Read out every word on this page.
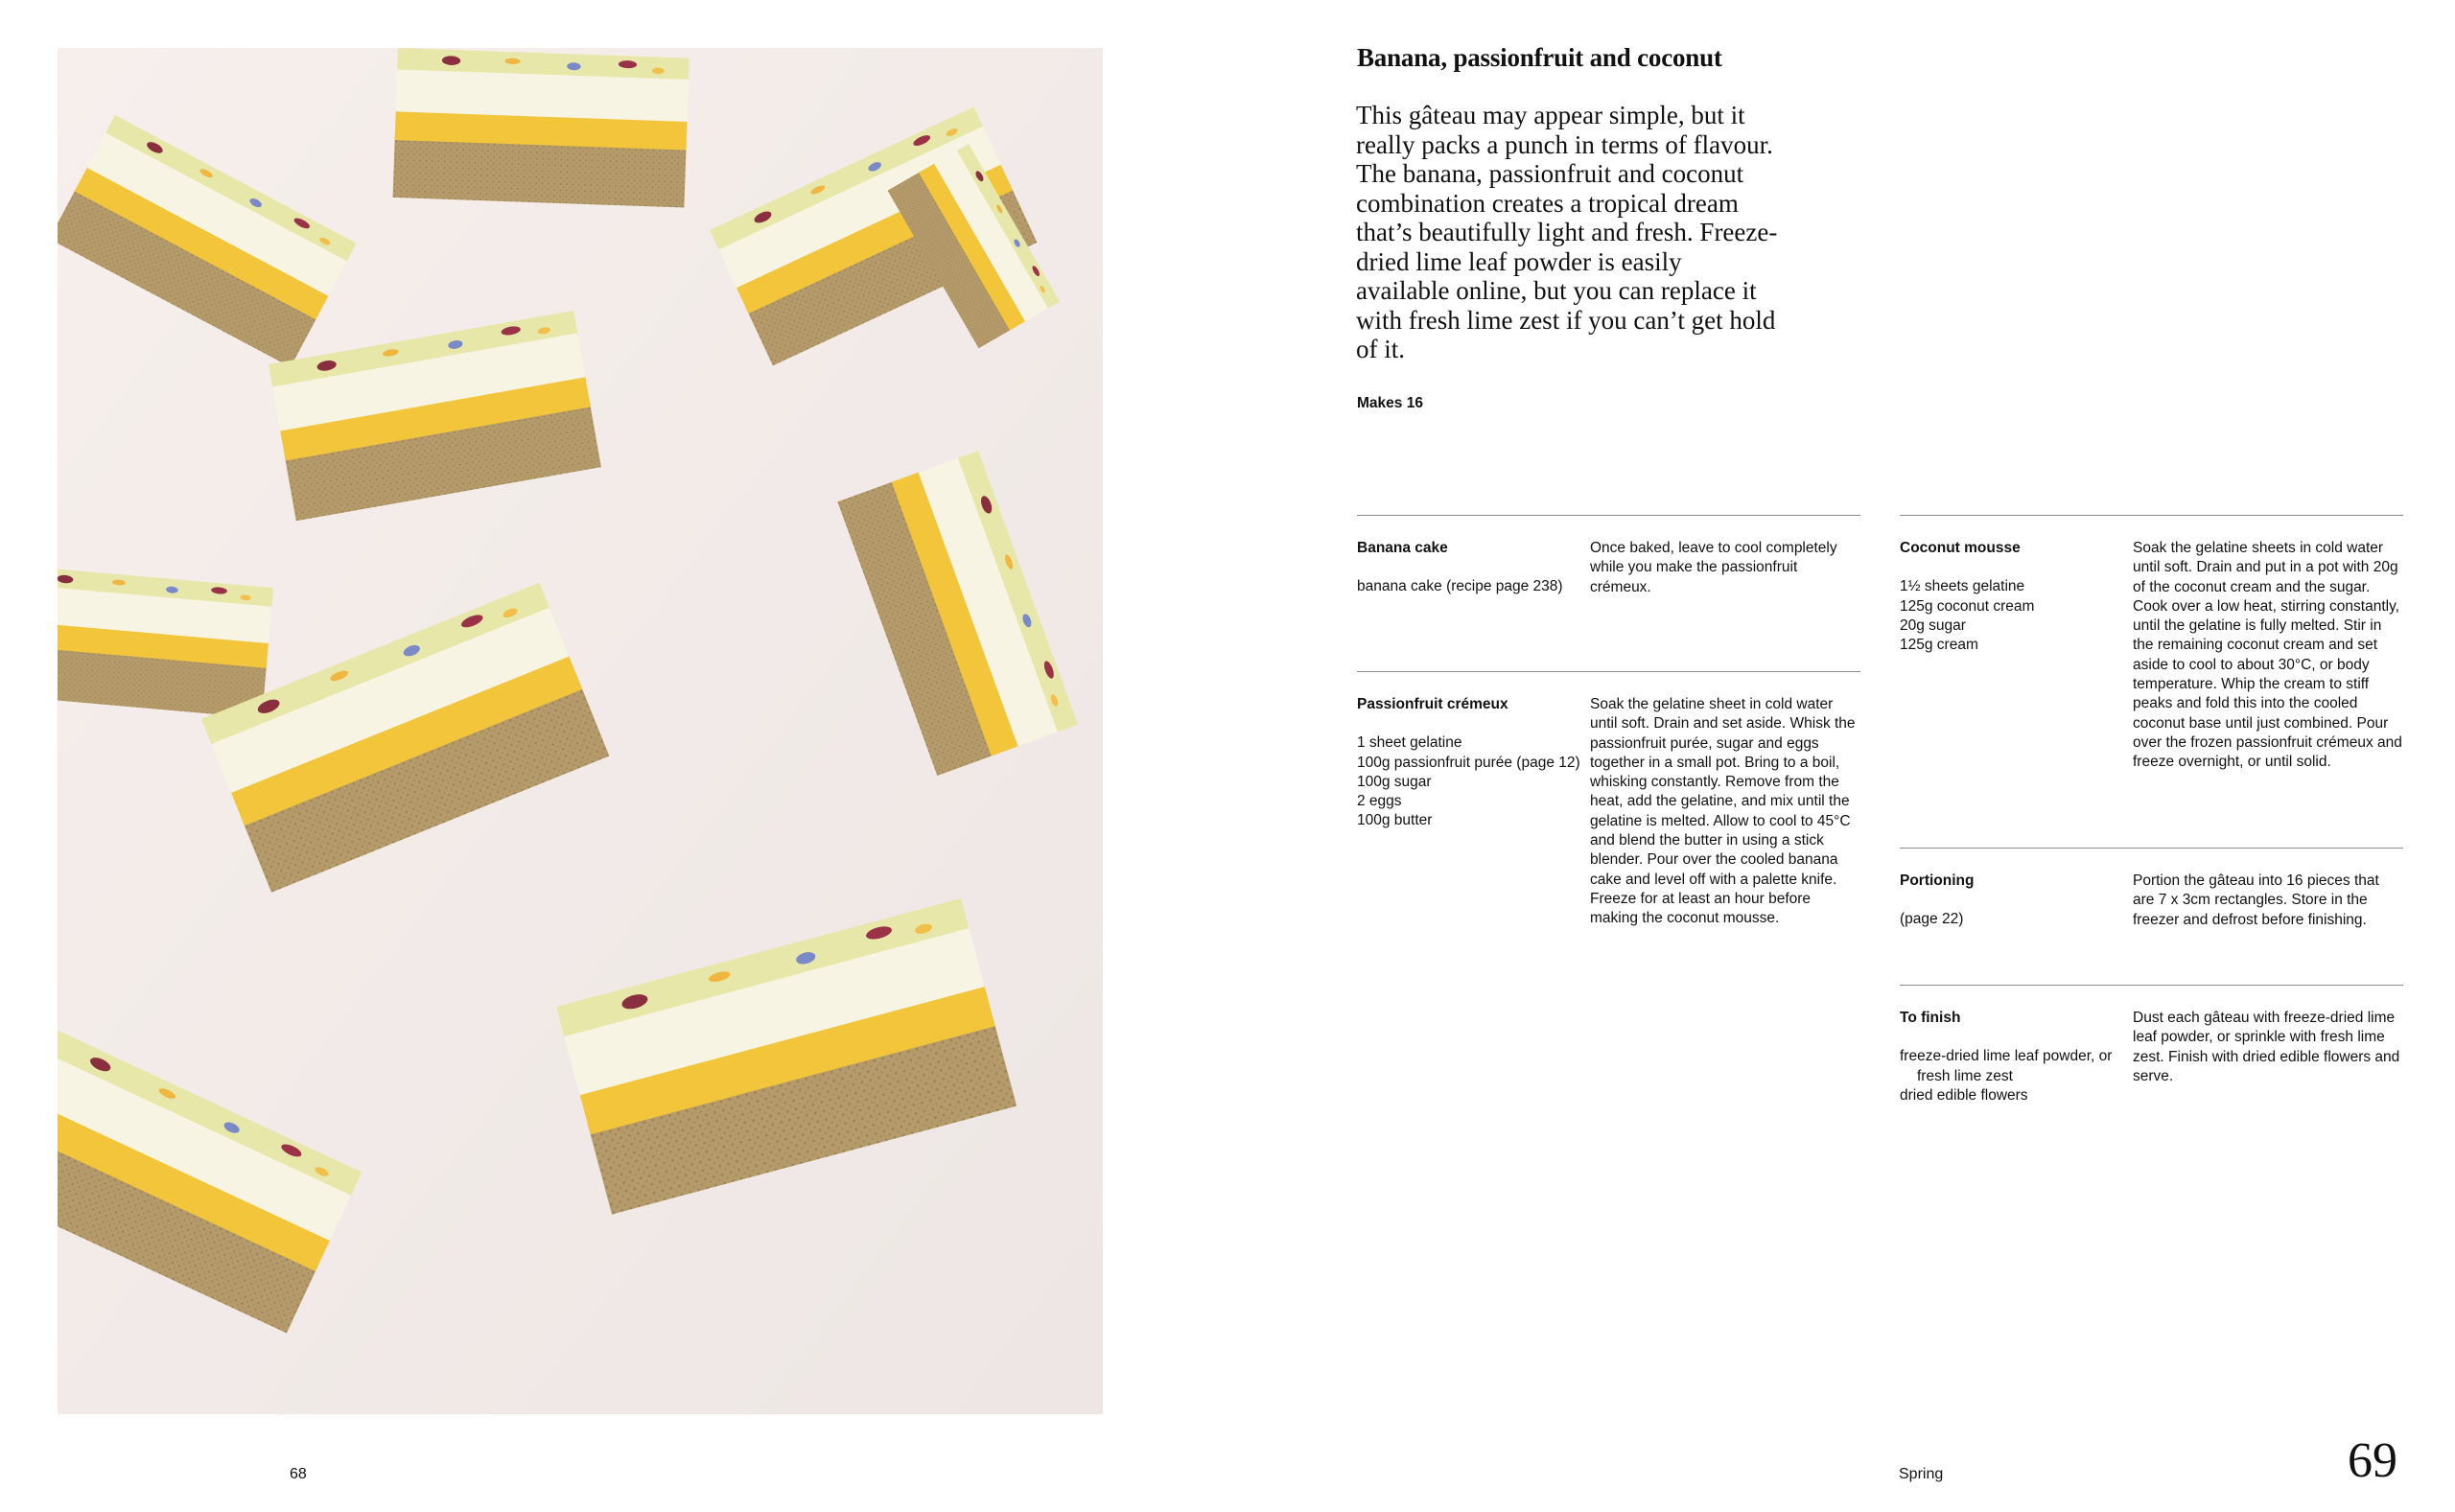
Banana, passionfruit and coconut

This gâteau may appear simple, but it really packs a punch in terms of flavour. The banana, passionfruit and coconut combination creates a tropical dream that’s beautifully light and fresh. Freeze-dried lime leaf powder is easily available online, but you can replace it with fresh lime zest if you can’t get hold of it.

Makes 16
Banana cake
banana cake (recipe page 238)
Once baked, leave to cool completely while you make the passionfruit crémeux.
Passionfruit crémeux
1 sheet gelatine
100g passionfruit purée (page 12)
100g sugar
2 eggs
100g butter
Soak the gelatine sheet in cold water until soft. Drain and set aside. Whisk the passionfruit purée, sugar and eggs together in a small pot. Bring to a boil, whisking constantly. Remove from the heat, add the gelatine, and mix until the gelatine is melted. Allow to cool to 45°C and blend the butter in using a stick blender. Pour over the cooled banana cake and level off with a palette knife. Freeze for at least an hour before making the coconut mousse.
Coconut mousse
1½ sheets gelatine
125g coconut cream
20g sugar
125g cream
Soak the gelatine sheets in cold water until soft. Drain and put in a pot with 20g of the coconut cream and the sugar. Cook over a low heat, stirring constantly, until the gelatine is fully melted. Stir in the remaining coconut cream and set aside to cool to about 30°C, or body temperature. Whip the cream to stiff peaks and fold this into the cooled coconut base until just combined. Pour over the frozen passionfruit crémeux and freeze overnight, or until solid.
Portioning
(page 22)
Portion the gâteau into 16 pieces that are 7 x 3cm rectangles. Store in the freezer and defrost before finishing.
To finish
freeze-dried lime leaf powder, or fresh lime zest
dried edible flowers
Dust each gâteau with freeze-dried lime leaf powder, or sprinkle with fresh lime zest. Finish with dried edible flowers and serve.
68	Spring	69
